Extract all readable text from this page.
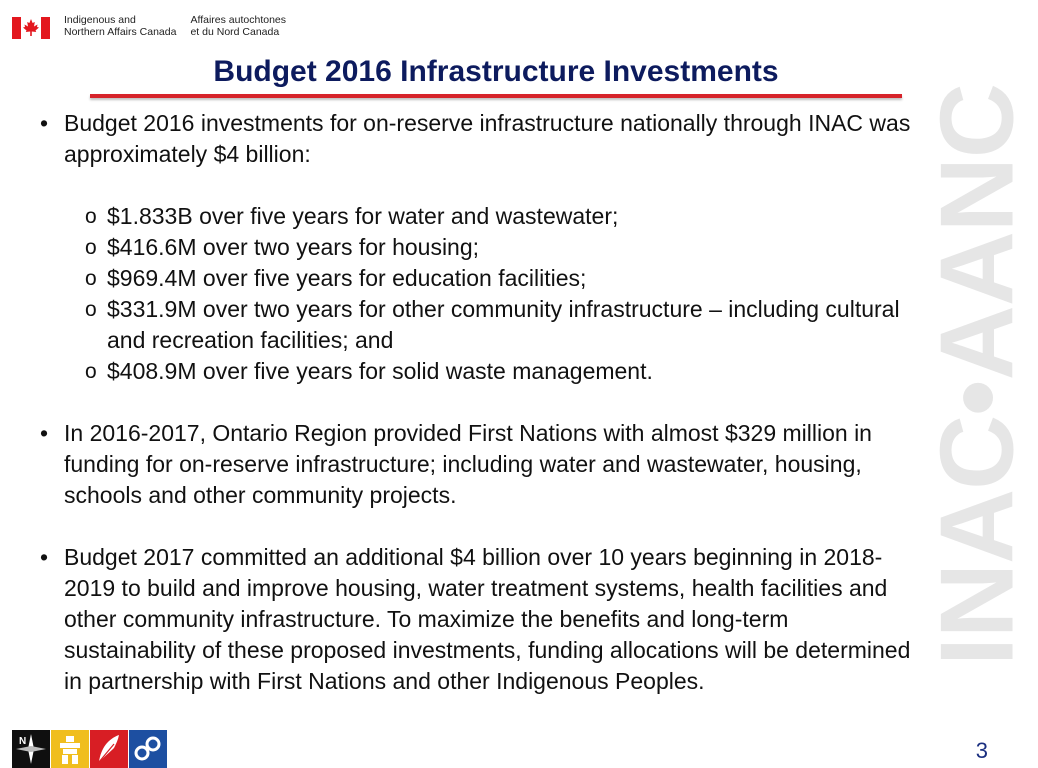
Indigenous and
Northern Affairs Canada
Affaires autochtones
et du Nord Canada
INAC•AANC
Budget 2016 Infrastructure Investments
• Budget 2016 investments for on-reserve infrastructure nationally through INAC was approximately $4 billion:
o $1.833B over five years for water and wastewater;
o $416.6M over two years for housing;
o $969.4M over five years for education facilities;
o $331.9M over two years for other community infrastructure – including cultural and recreation facilities; and
o $408.9M over five years for solid waste management.
• In 2016-2017, Ontario Region provided First Nations with almost $329 million in funding for on-reserve infrastructure; including water and wastewater, housing, schools and other community projects.
• Budget 2017 committed an additional $4 billion over 10 years beginning in 2018-2019 to build and improve housing, water treatment systems, health facilities and other community infrastructure. To maximize the benefits and long-term sustainability of these proposed investments, funding allocations will be determined in partnership with First Nations and other Indigenous Peoples.
N	3
